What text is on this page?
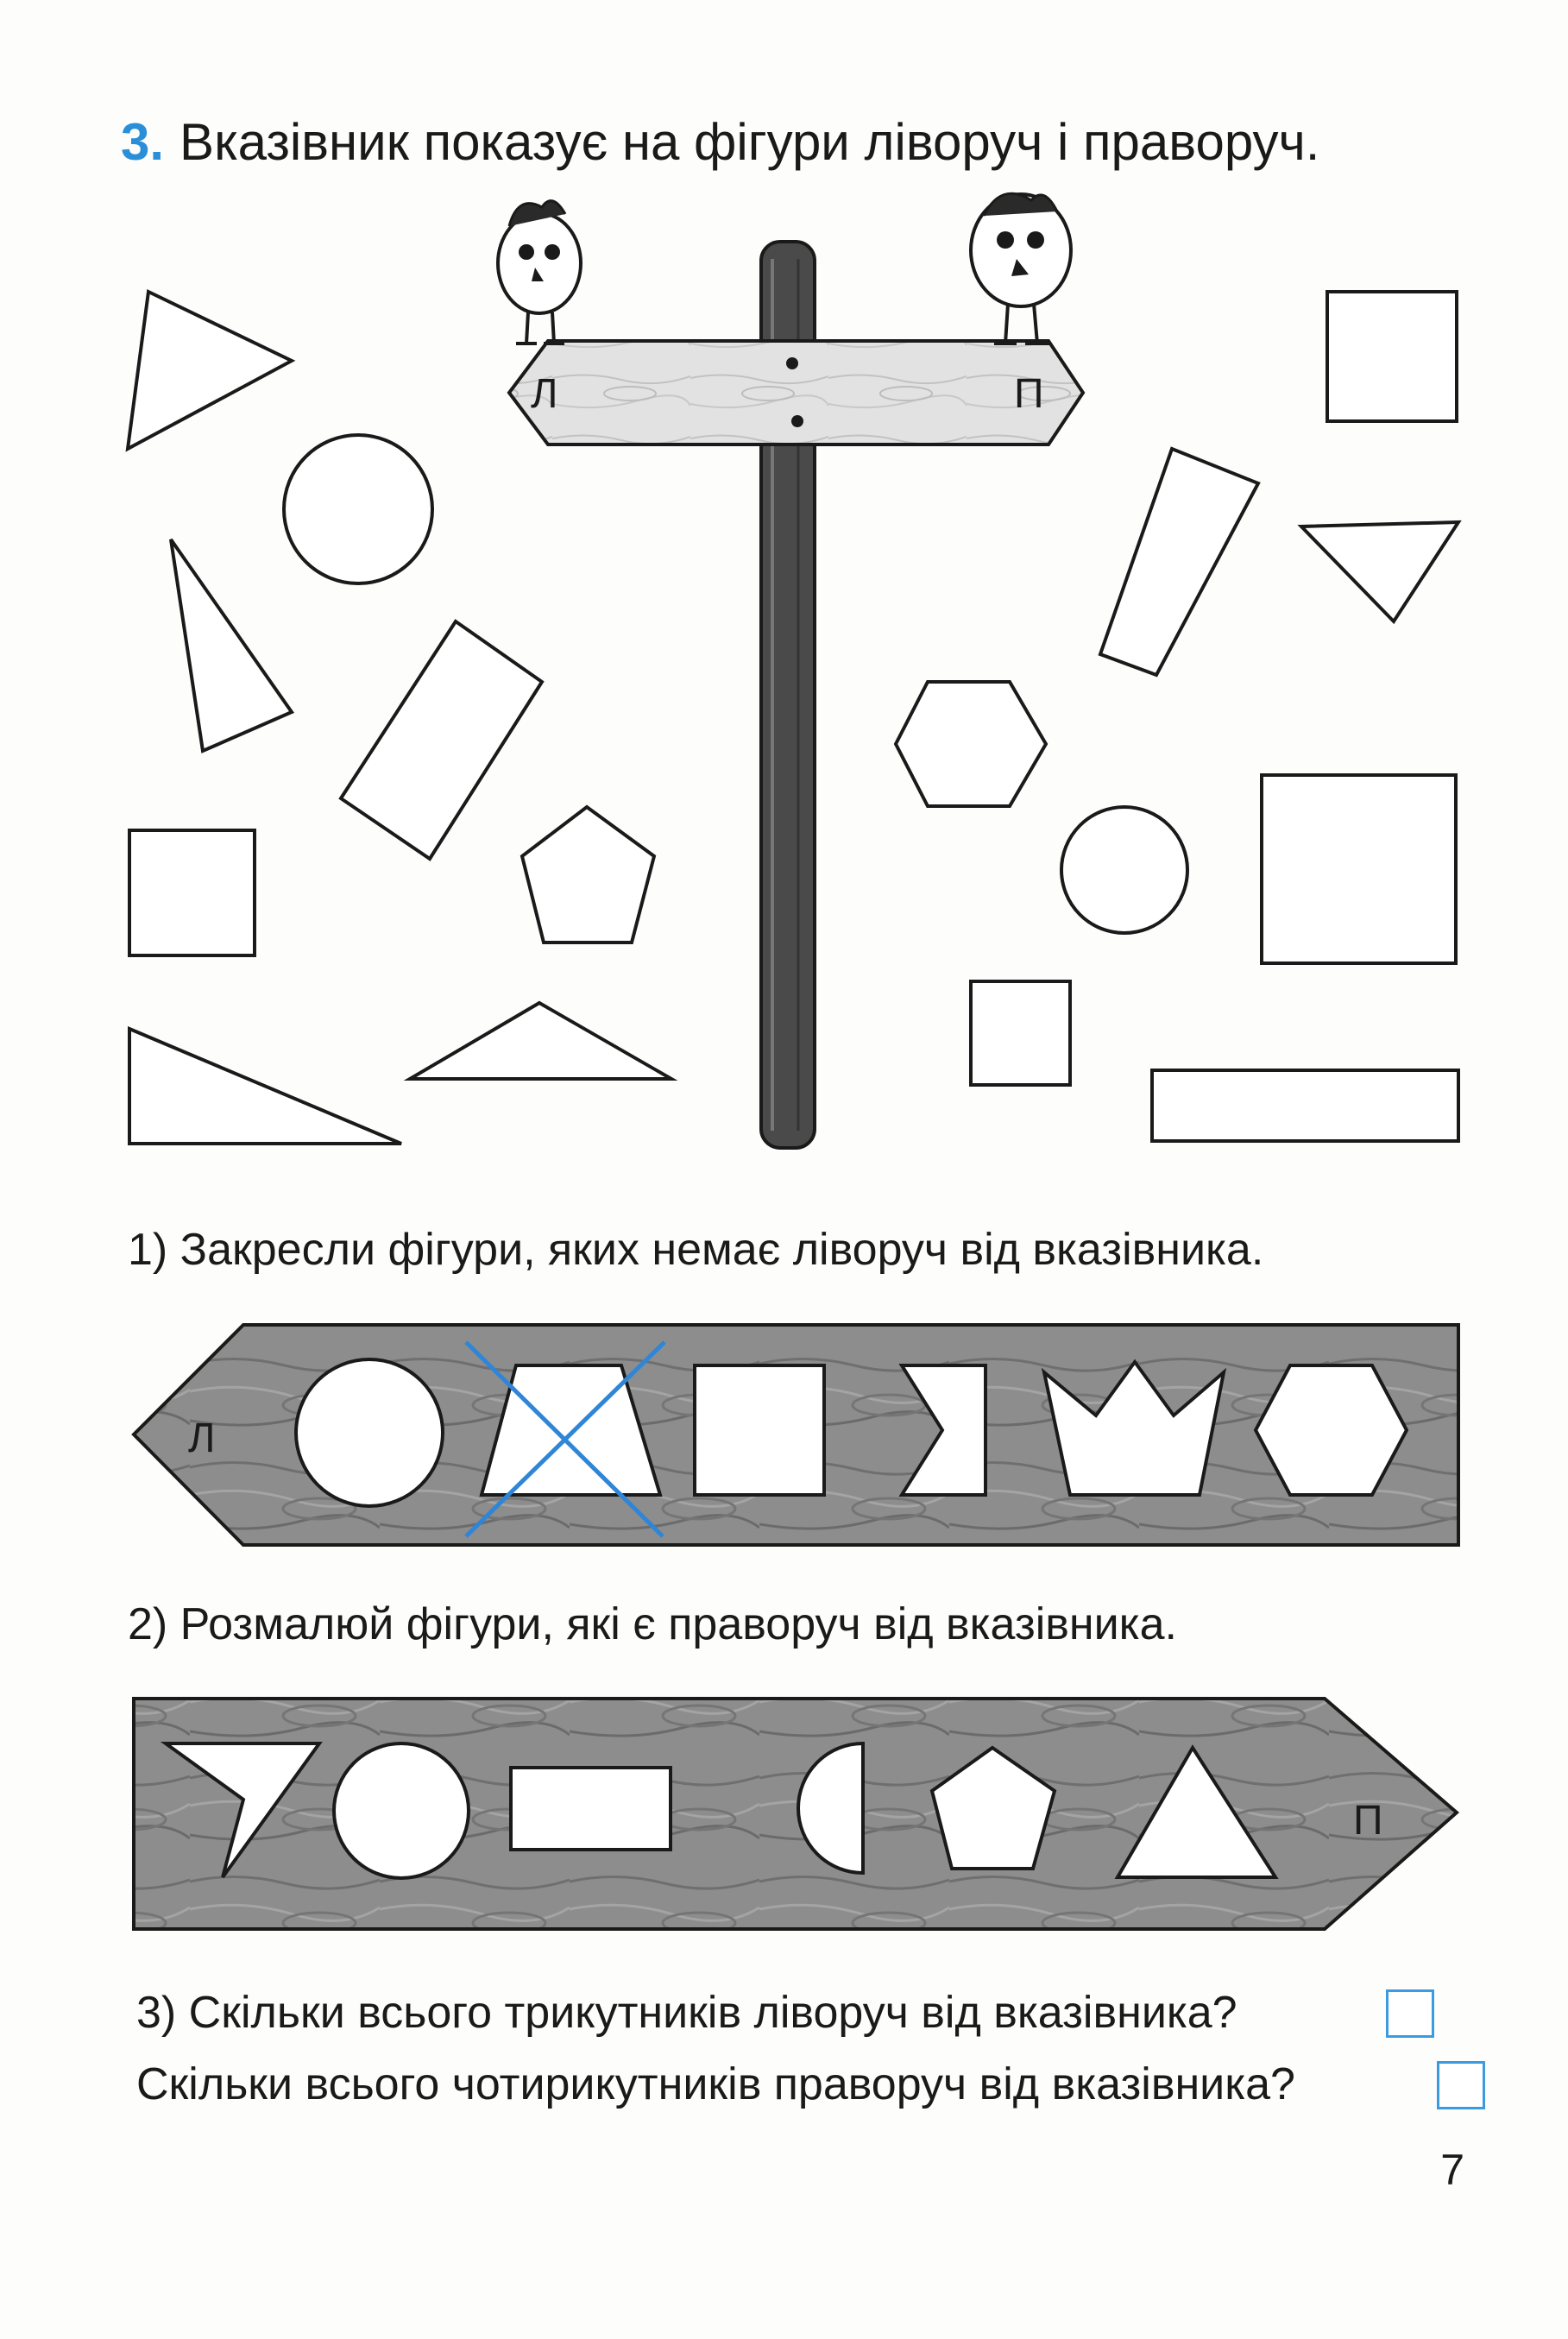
3. Вказівник показує на фігури ліворуч і праворуч.
Л	П
Л
П
1) Закресли фігури, яких немає ліворуч від вказівника.
2) Розмалюй фігури, які є праворуч від вказівника.
3) Скільки всього трикутників ліворуч від вказівника?
Скільки всього чотирикутників праворуч від вказівника?
7
